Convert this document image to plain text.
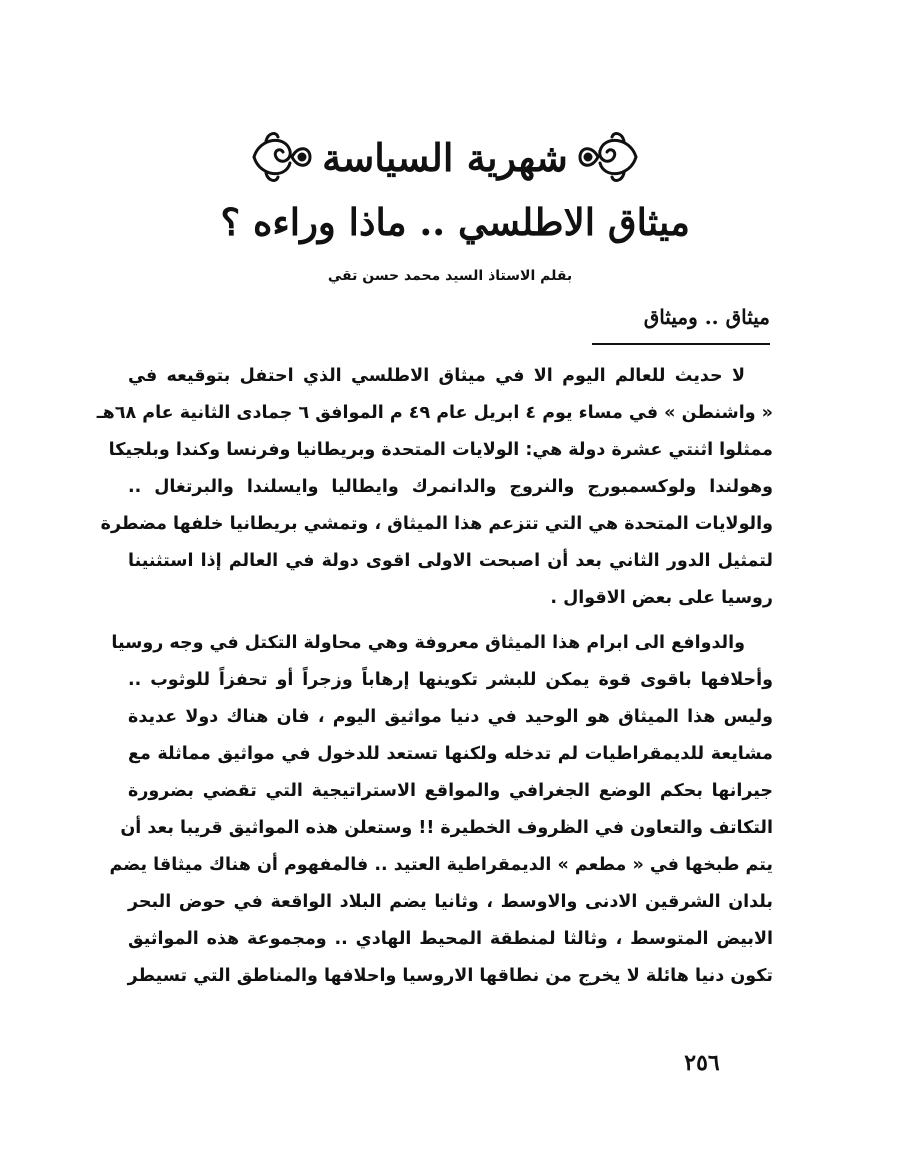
شهرية السياسة
ميثاق الاطلسي .. ماذا وراءه ؟
بقلم الاستاذ السيد محمد حسن تقي
ميثاق .. وميثاق

لا حديث للعالم اليوم الا في ميثاق الاطلسي الذي احتفل بتوقيعه في
« واشنطن » في مساء يوم ٤ ابريل عام ٤٩ م الموافق ٦ جمادى الثانية عام ٦٨هـ
ممثلوا اثنتي عشرة دولة هي: الولايات المتحدة وبريطانيا وفرنسا وكندا وبلجيكا
وهولندا ولوكسمبورج والنروج والدانمرك وايطاليا وايسلندا والبرتغال ..
والولايات المتحدة هي التي تتزعم هذا الميثاق ، وتمشي بريطانيا خلفها مضطرة
لتمثيل الدور الثاني بعد أن اصبحت الاولى اقوى دولة في العالم إذا استثنينا
روسيا على بعض الاقوال .

والدوافع الى ابرام هذا الميثاق معروفة وهي محاولة التكتل في وجه روسيا
وأحلافها باقوى قوة يمكن للبشر تكوينها إرهاباً وزجراً أو تحفزاً للوثوب ..
وليس هذا الميثاق هو الوحيد في دنيا مواثيق اليوم ، فان هناك دولا عديدة
مشايعة للديمقراطيات لم تدخله ولكنها تستعد للدخول في مواثيق مماثلة مع
جيرانها بحكم الوضع الجغرافي والمواقع الاستراتيجية التي تقضي بضرورة
التكاتف والتعاون في الظروف الخطيرة !! وستعلن هذه المواثيق قريبا بعد أن
يتم طبخها في « مطعم » الديمقراطية العتيد .. فالمفهوم أن هناك ميثاقا يضم
بلدان الشرقين الادنى والاوسط ، وثانيا يضم البلاد الواقعة في حوض البحر
الابيض المتوسط ، وثالثا لمنطقة المحيط الهادي .. ومجموعة هذه المواثيق
تكون دنيا هائلة لا يخرج من نطاقها الاروسيا واحلافها والمناطق التي تسيطر

٢٥٦
